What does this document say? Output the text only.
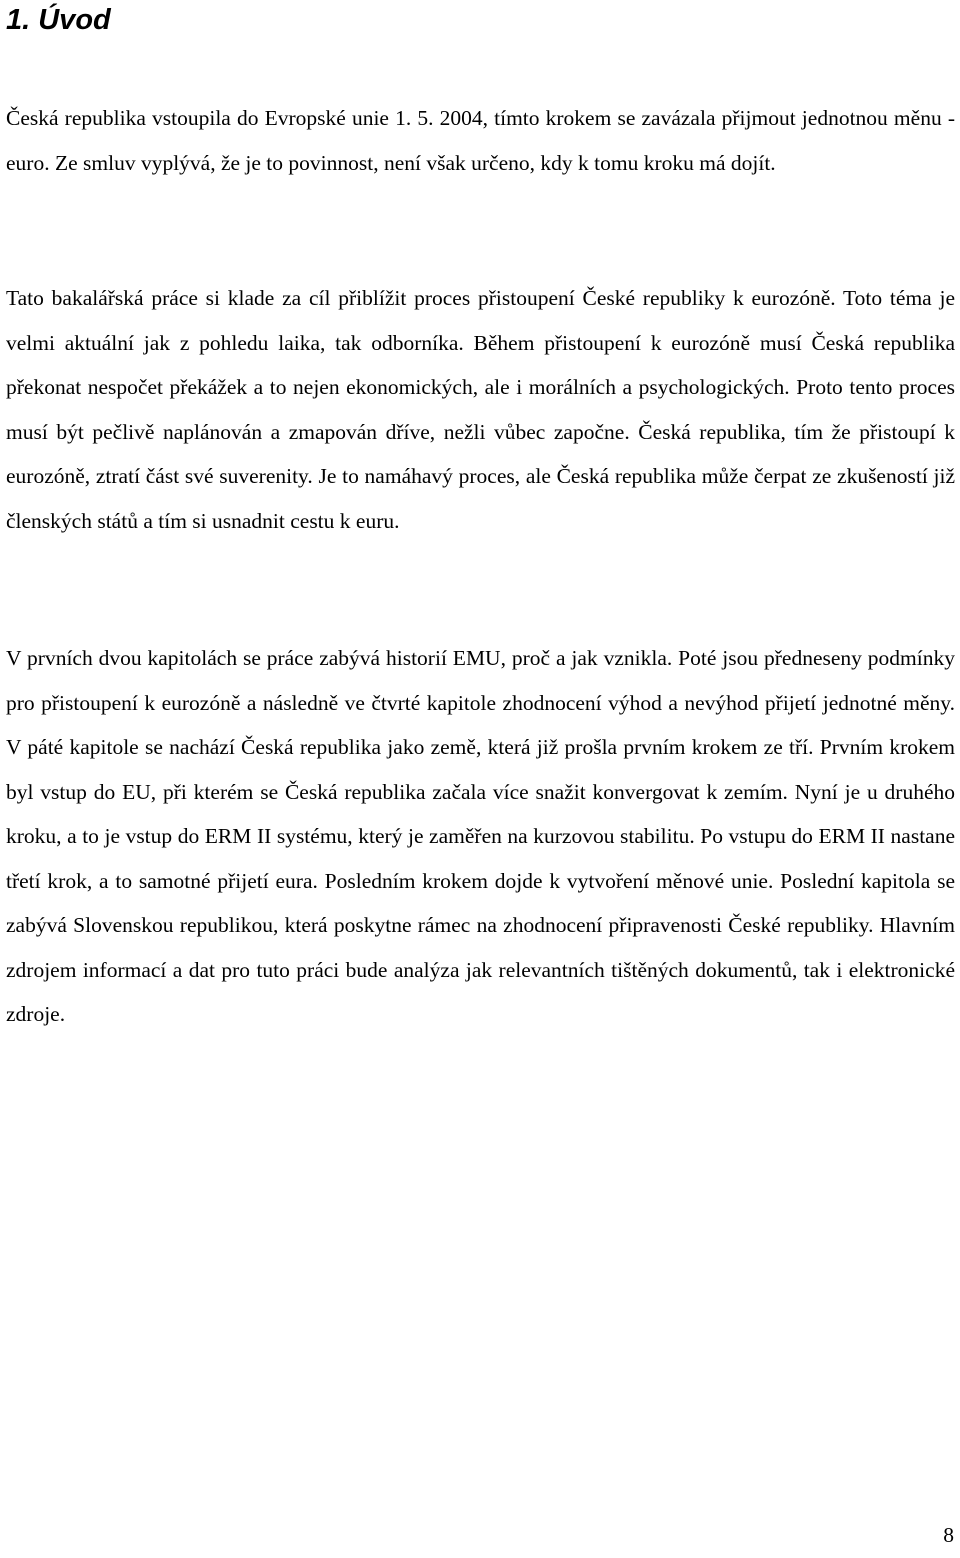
1. Úvod

Česká republika vstoupila do Evropské unie 1. 5. 2004, tímto krokem se zavázala přijmout jednotnou měnu - euro. Ze smluv vyplývá, že je to povinnost, není však určeno, kdy k tomu kroku má dojít.

Tato bakalářská práce si klade za cíl přiblížit proces přistoupení České republiky k eurozóně. Toto téma je velmi aktuální jak z pohledu laika, tak odborníka. Během přistoupení k eurozóně musí Česká republika překonat nespočet překážek a to nejen ekonomických, ale i morálních a psychologických. Proto tento proces musí být pečlivě naplánován a zmapován dříve, nežli vůbec započne. Česká republika, tím že přistoupí k eurozóně, ztratí část své suverenity. Je to namáhavý proces, ale Česká republika může čerpat ze zkušeností již členských států a tím si usnadnit cestu k euru.

V prvních dvou kapitolách se práce zabývá historií EMU, proč a jak vznikla. Poté jsou předneseny podmínky pro přistoupení k eurozóně a následně ve čtvrté kapitole zhodnocení výhod a nevýhod přijetí jednotné měny. V páté kapitole se nachází Česká republika jako země, která již prošla prvním krokem ze tří. Prvním krokem byl vstup do EU, při kterém se Česká republika začala více snažit konvergovat k zemím. Nyní je u druhého kroku, a to je vstup do ERM II systému, který je zaměřen na kurzovou stabilitu. Po vstupu do ERM II nastane třetí krok, a to samotné přijetí eura. Posledním krokem dojde k vytvoření měnové unie. Poslední kapitola se zabývá Slovenskou republikou, která poskytne rámec na zhodnocení připravenosti České republiky. Hlavním zdrojem informací a dat pro tuto práci bude analýza jak relevantních tištěných dokumentů, tak i elektronické zdroje.

8
